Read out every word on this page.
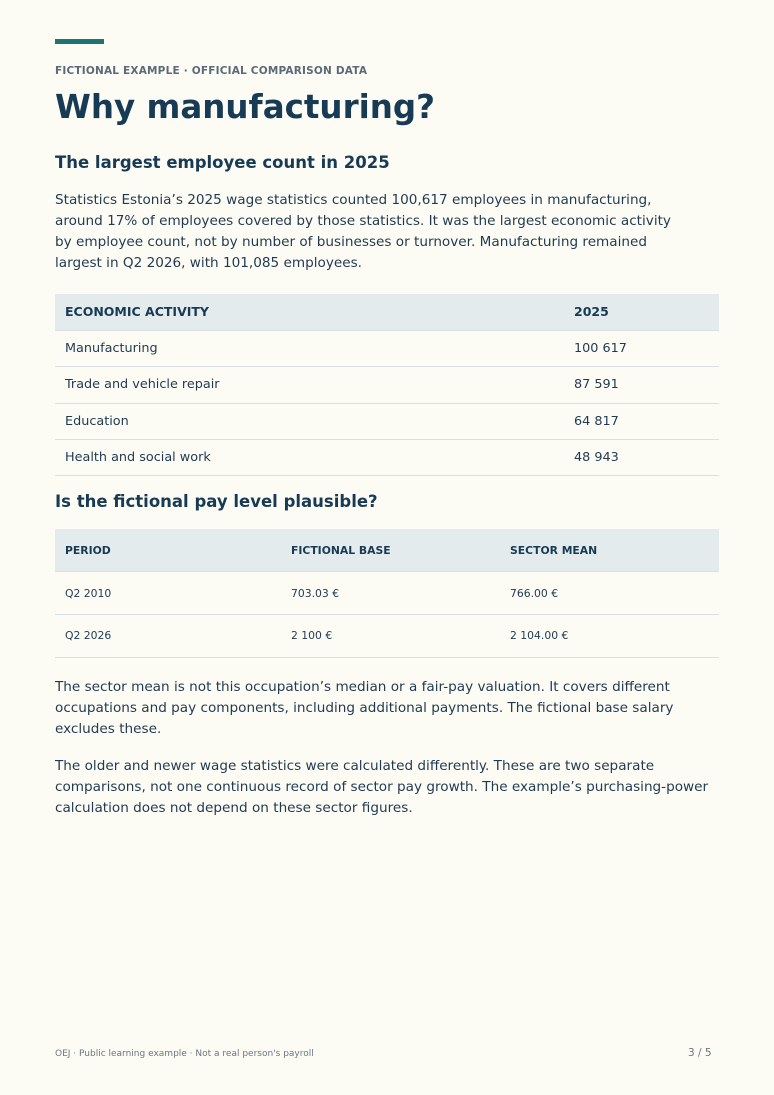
FICTIONAL EXAMPLE · OFFICIAL COMPARISON DATA
Why manufacturing?
The largest employee count in 2025
Statistics Estonia’s 2025 wage statistics counted 100,617 employees in manufacturing,
around 17% of employees covered by those statistics. It was the largest economic activity
by employee count, not by number of businesses or turnover. Manufacturing remained
largest in Q2 2026, with 101,085 employees.
ECONOMIC ACTIVITY	2025
Manufacturing	100 617
Trade and vehicle repair	87 591
Education	64 817
Health and social work	48 943
Is the fictional pay level plausible?
PERIOD	FICTIONAL BASE	SECTOR MEAN
Q2 2010	703.03 €	766.00 €
Q2 2026	2 100 €	2 104.00 €
The sector mean is not this occupation’s median or a fair-pay valuation. It covers different
occupations and pay components, including additional payments. The fictional base salary
excludes these.
The older and newer wage statistics were calculated differently. These are two separate
comparisons, not one continuous record of sector pay growth. The example’s purchasing-power
calculation does not depend on these sector figures.
OEJ · Public learning example · Not a real person's payroll	3 / 5
